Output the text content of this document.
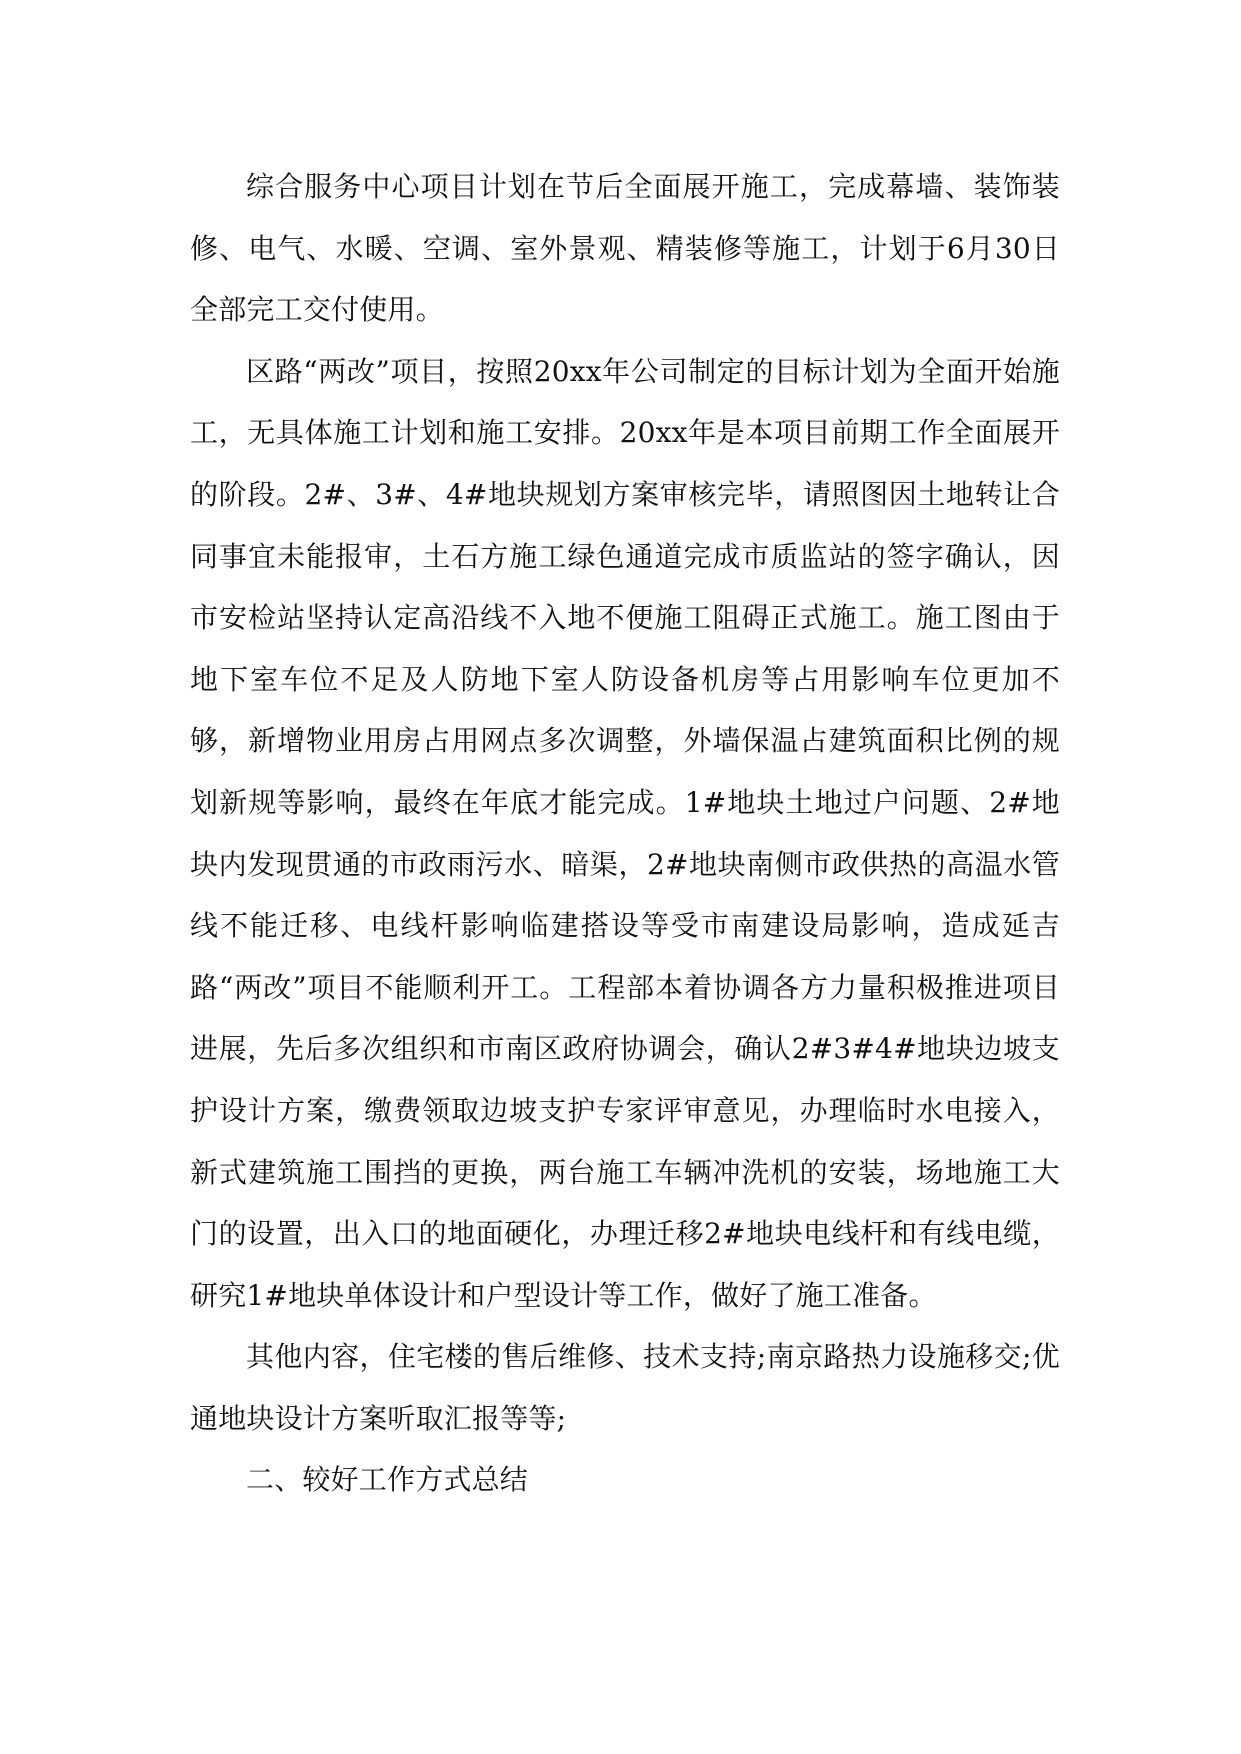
综合服务中心项目计划在节后全面展开施工，完成幕墙、装饰装修、电气、水暖、空调、室外景观、精装修等施工，计划于6月30日全部完工交付使用。

区路“两改”项目，按照20xx年公司制定的目标计划为全面开始施工，无具体施工计划和施工安排。20xx年是本项目前期工作全面展开的阶段。2#、3#、4#地块规划方案审核完毕，请照图因土地转让合同事宜未能报审，土石方施工绿色通道完成市质监站的签字确认，因市安检站坚持认定高沿线不入地不便施工阻碍正式施工。施工图由于地下室车位不足及人防地下室人防设备机房等占用影响车位更加不够，新增物业用房占用网点多次调整，外墙保温占建筑面积比例的规划新规等影响，最终在年底才能完成。1#地块土地过户问题、2#地块内发现贯通的市政雨污水、暗渠，2#地块南侧市政供热的高温水管线不能迁移、电线杆影响临建搭设等受市南建设局影响，造成延吉路“两改”项目不能顺利开工。工程部本着协调各方力量积极推进项目进展，先后多次组织和市南区政府协调会，确认2#3#4#地块边坡支护设计方案，缴费领取边坡支护专家评审意见，办理临时水电接入，新式建筑施工围挡的更换，两台施工车辆冲洗机的安装，场地施工大门的设置，出入口的地面硬化，办理迁移2#地块电线杆和有线电缆，研究1#地块单体设计和户型设计等工作，做好了施工准备。

其他内容，住宅楼的售后维修、技术支持;南京路热力设施移交;优通地块设计方案听取汇报等等;

二、较好工作方式总结
